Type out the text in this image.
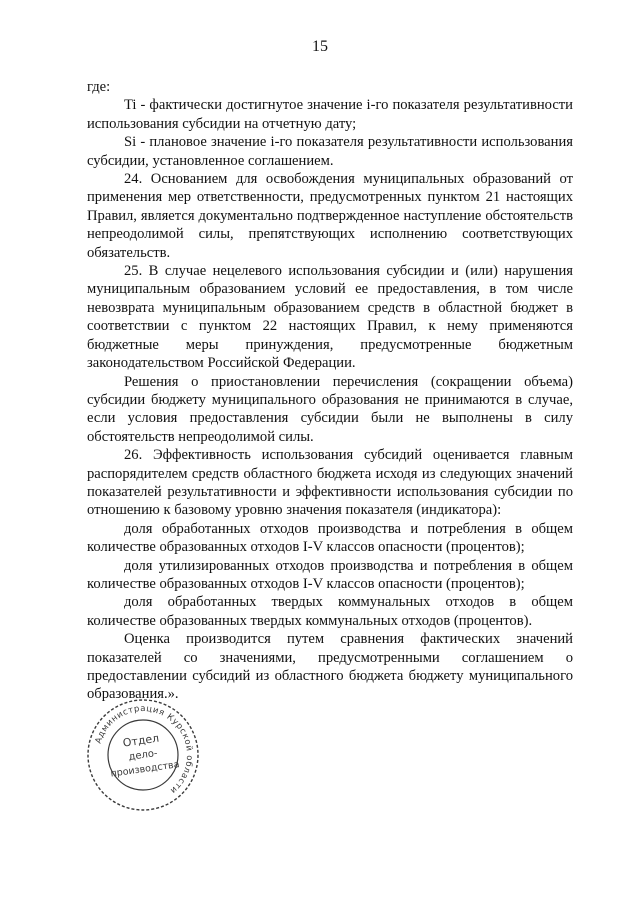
15

где:

Ti - фактически достигнутое значение i-го показателя результативности использования субсидии на отчетную дату;

Si - плановое значение i-го показателя результативности использования субсидии, установленное соглашением.

24. Основанием для освобождения муниципальных образований от применения мер ответственности, предусмотренных пунктом 21 настоящих Правил, является документально подтвержденное наступление обстоятельств непреодолимой силы, препятствующих исполнению соответствующих обязательств.

25. В случае нецелевого использования субсидии и (или) нарушения муниципальным образованием условий ее предоставления, в том числе невозврата муниципальным образованием средств в областной бюджет в соответствии с пунктом 22 настоящих Правил, к нему применяются бюджетные меры принуждения, предусмотренные бюджетным законодательством Российской Федерации.

Решения о приостановлении перечисления (сокращении объема) субсидии бюджету муниципального образования не принимаются в случае, если условия предоставления субсидии были не выполнены в силу обстоятельств непреодолимой силы.

26. Эффективность использования субсидий оценивается главным распорядителем средств областного бюджета исходя из следующих значений показателей результативности и эффективности использования субсидии по отношению к базовому уровню значения показателя (индикатора):

доля обработанных отходов производства и потребления в общем количестве образованных отходов I-V классов опасности (процентов);

доля утилизированных отходов производства и потребления в общем количестве образованных отходов I-V классов опасности (процентов);

доля обработанных твердых коммунальных отходов в общем количестве образованных твердых коммунальных отходов (процентов).

Оценка производится путем сравнения фактических значений показателей со значениями, предусмотренными соглашением о предоставлении субсидий из областного бюджета бюджету муниципального образования.».

Администрация Курской области
Отдел
дело-
производства
